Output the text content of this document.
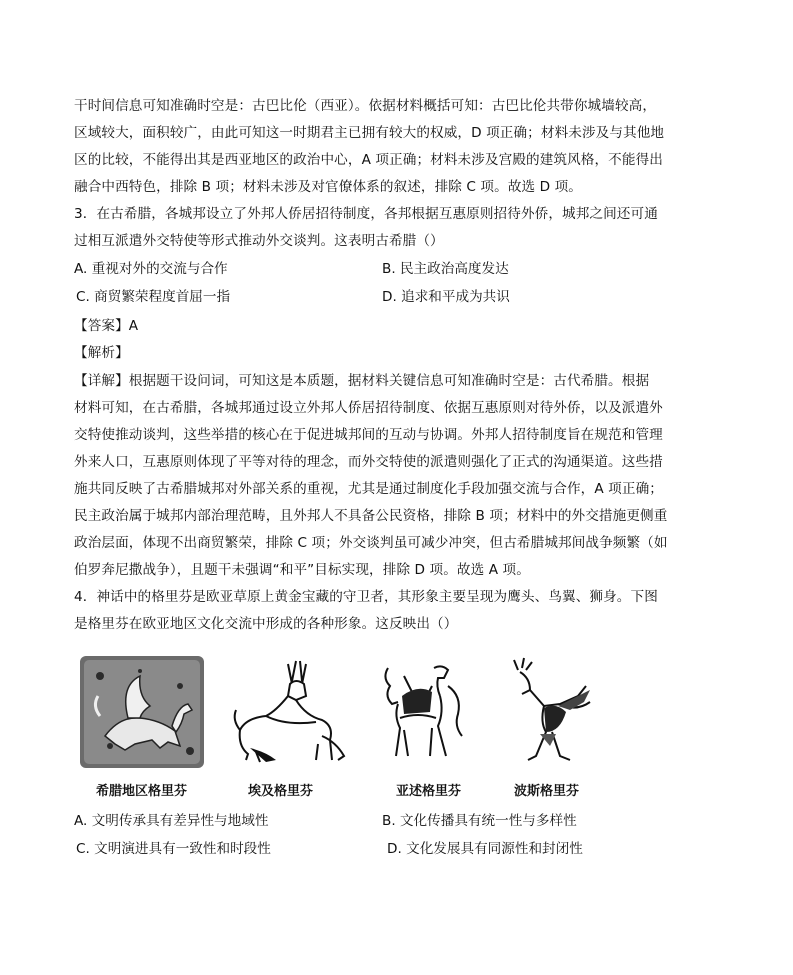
干时间信息可知准确时空是：古巴比伦（西亚）。依据材料概括可知：古巴比伦共带你城墙较高，
区域较大，面积较广，由此可知这一时期君主已拥有较大的权威，D 项正确；材料未涉及与其他地
区的比较，不能得出其是西亚地区的政治中心，A 项正确；材料未涉及宫殿的建筑风格，不能得出
融合中西特色，排除 B 项；材料未涉及对官僚体系的叙述，排除 C 项。故选 D 项。
3．在古希腊，各城邦设立了外邦人侨居招待制度，各邦根据互惠原则招待外侨，城邦之间还可通
过相互派遣外交特使等形式推动外交谈判。这表明古希腊（）
A. 重视对外的交流与合作	B. 民主政治高度发达
C. 商贸繁荣程度首屈一指	D. 追求和平成为共识
【答案】A
【解析】
【详解】根据题干设问词，可知这是本质题，据材料关键信息可知准确时空是：古代希腊。根据
材料可知，在古希腊，各城邦通过设立外邦人侨居招待制度、依据互惠原则对待外侨，以及派遣外
交特使推动谈判，这些举措的核心在于促进城邦间的互动与协调。外邦人招待制度旨在规范和管理
外来人口，互惠原则体现了平等对待的理念，而外交特使的派遣则强化了正式的沟通渠道。这些措
施共同反映了古希腊城邦对外部关系的重视，尤其是通过制度化手段加强交流与合作，A 项正确；
民主政治属于城邦内部治理范畴，且外邦人不具备公民资格，排除 B 项；材料中的外交措施更侧重
政治层面，体现不出商贸繁荣，排除 C 项；外交谈判虽可减少冲突，但古希腊城邦间战争频繁（如
伯罗奔尼撒战争），且题干未强调“和平”目标实现，排除 D 项。故选 A 项。
4．神话中的格里芬是欧亚草原上黄金宝藏的守卫者，其形象主要呈现为鹰头、鸟翼、狮身。下图
是格里芬在欧亚地区文化交流中形成的各种形象。这反映出（）
希腊地区格里芬	埃及格里芬	亚述格里芬	波斯格里芬
A. 文明传承具有差异性与地域性	B. 文化传播具有统一性与多样性
C. 文明演进具有一致性和时段性	D. 文化发展具有同源性和封闭性
